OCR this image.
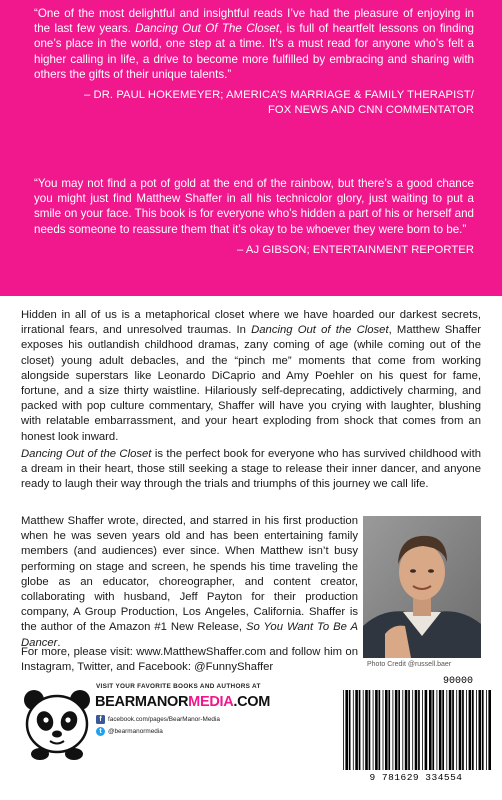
“One of the most delightful and insightful reads I’ve had the pleasure of enjoying in the last few years. Dancing Out Of The Closet, is full of heartfelt lessons on finding one’s place in the world, one step at a time. It’s a must read for anyone who’s felt a higher calling in life, a drive to become more fulfilled by embracing and sharing with others the gifts of their unique talents.”
– DR. PAUL HOKEMEYER; AMERICA’S MARRIAGE & FAMILY THERAPIST/
FOX NEWS AND CNN COMMENTATOR
“You may not find a pot of gold at the end of the rainbow, but there’s a good chance you might just find Matthew Shaffer in all his technicolor glory, just waiting to put a smile on your face. This book is for everyone who’s hidden a part of his or herself and needs someone to reassure them that it’s okay to be whoever they were born to be.”
– AJ GIBSON; ENTERTAINMENT REPORTER
Hidden in all of us is a metaphorical closet where we have hoarded our darkest secrets, irrational fears, and unresolved traumas. In Dancing Out of the Closet, Matthew Shaffer exposes his outlandish childhood dramas, zany coming of age (while coming out of the closet) young adult debacles, and the “pinch me” moments that come from working alongside superstars like Leonardo DiCaprio and Amy Poehler on his quest for fame, fortune, and a size thirty waistline. Hilariously self-deprecating, addictively charming, and packed with pop culture commentary, Shaffer will have you crying with laughter, blushing with relatable embarrassment, and your heart exploding from shock that comes from an honest look inward.
Dancing Out of the Closet is the perfect book for everyone who has survived childhood with a dream in their heart, those still seeking a stage to release their inner dancer, and anyone ready to laugh their way through the trials and triumphs of this journey we call life.
Matthew Shaffer wrote, directed, and starred in his first production when he was seven years old and has been entertaining family members (and audiences) ever since. When Matthew isn’t busy performing on stage and screen, he spends his time traveling the globe as an educator, choreographer, and content creator, collaborating with husband, Jeff Payton for their production company, A Group Production, Los Angeles, California. Shaffer is the author of the Amazon #1 New Release, So You Want To Be A Dancer.
For more, please visit: www.MatthewShaffer.com and follow him on Instagram, Twitter, and Facebook: @FunnyShaffer	Photo Credit @russell.baer
VISIT YOUR FAVORITE BOOKS AND AUTHORS AT
BEARMANORMEDIA.COM
f facebook.com/pages/BearManor-Media
t @bearmanormedia
90000
9 781629 334554
